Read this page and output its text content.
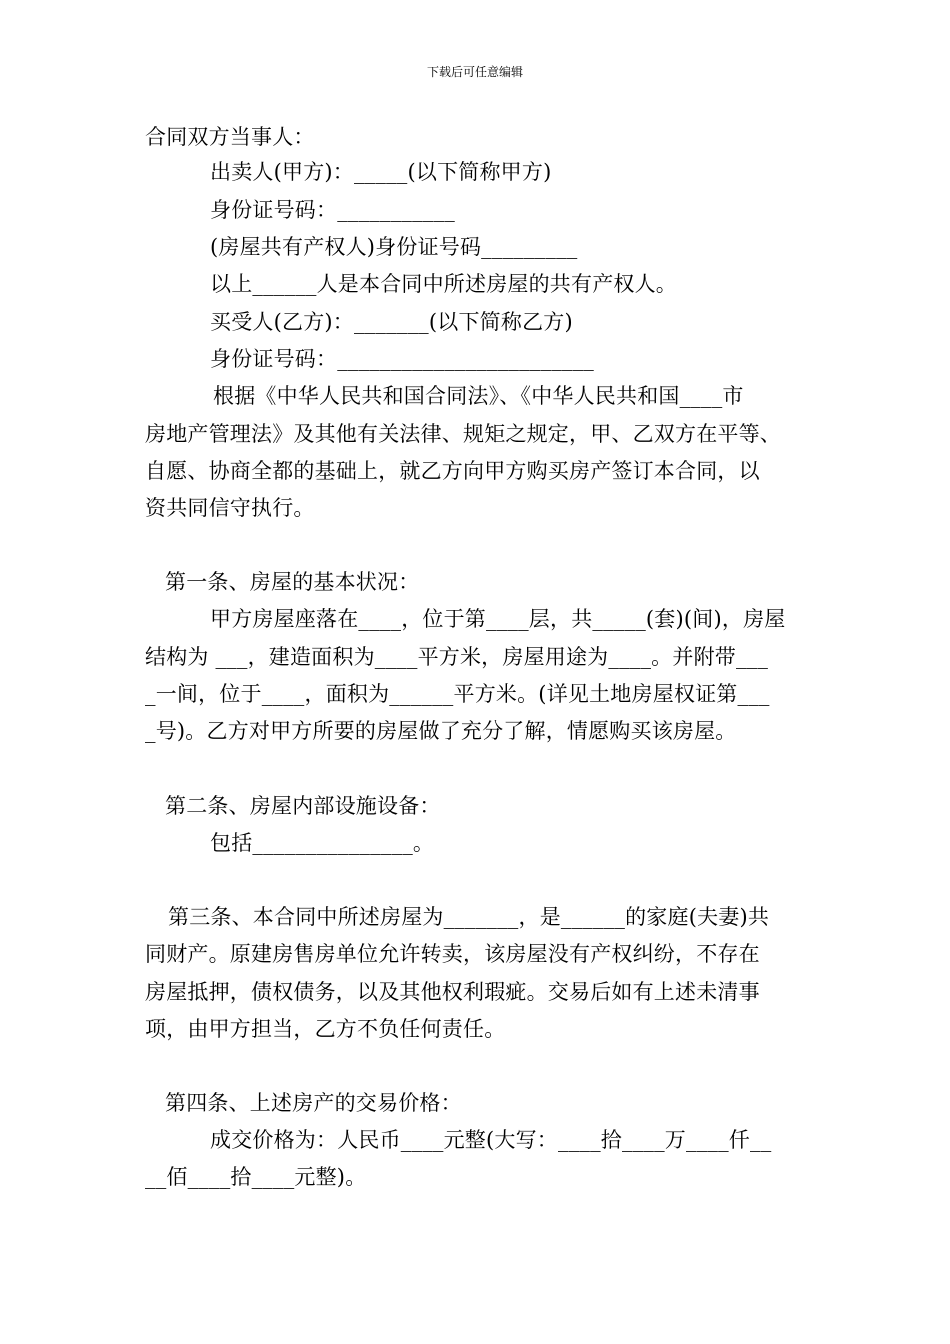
下载后可任意编辑
合同双方当事人：
出卖人(甲方)：_____(以下简称甲方)
身份证号码：___________
(房屋共有产权人)身份证号码_________
以上______人是本合同中所述房屋的共有产权人。
买受人(乙方)：_______(以下简称乙方)
身份证号码：________________________
根据《中华人民共和国合同法》、《中华人民共和国____市
房地产管理法》及其他有关法律、规矩之规定，甲、乙双方在平等、
自愿、协商全都的基础上，就乙方向甲方购买房产签订本合同，以
资共同信守执行。
第一条、房屋的基本状况：
甲方房屋座落在____，位于第____层，共_____(套)(间)，房屋
结构为 ___，建造面积为____平方米，房屋用途为____。并附带___
_一间，位于____，面积为______平方米。(详见土地房屋权证第___
_号)。乙方对甲方所要的房屋做了充分了解，情愿购买该房屋。
第二条、房屋内部设施设备：
包括_______________。
第三条、本合同中所述房屋为_______，是______的家庭(夫妻)共
同财产。原建房售房单位允许转卖，该房屋没有产权纠纷，不存在
房屋抵押，债权债务，以及其他权利瑕疵。交易后如有上述未清事
项，由甲方担当，乙方不负任何责任。
第四条、上述房产的交易价格：
成交价格为：人民币____元整(大写：____拾____万____仟__
__佰____拾____元整)。
